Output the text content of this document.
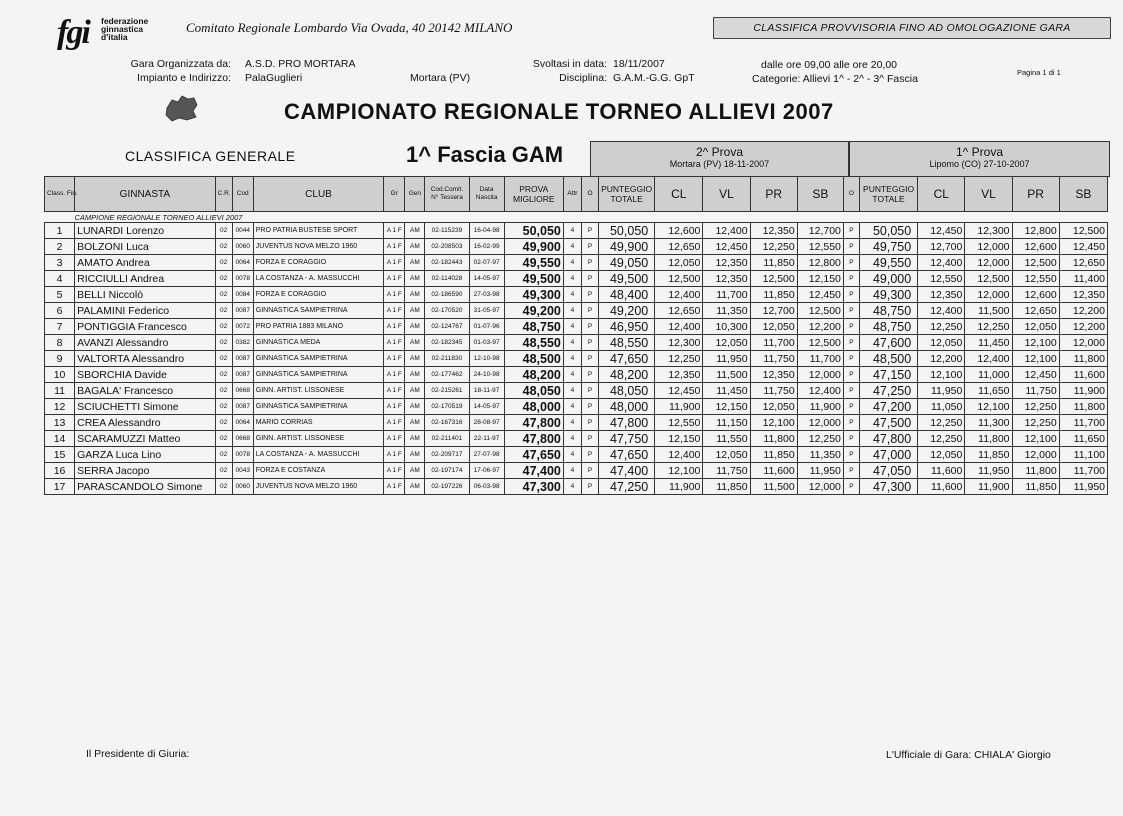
fgi federazione
ginnastica
d'italia
Comitato Regionale Lombardo Via Ovada, 40 20142 MILANO	CLASSIFICA PROVVISORIA FINO AD OMOLOGAZIONE GARA
Gara Organizzata da:
Impianto e Indirizzo:
A.S.D. PRO MORTARA
PalaGuglieri	Mortara (PV)
Svoltasi in data:
Disciplina:
18/11/2007
G.A.M.-G.G. GpT
dalle ore 09,00 alle ore 20,00
Categorie: Allievi 1^ - 2^ - 3^ Fascia
Pagina 1 di 1
CAMPIONATO REGIONALE TORNEO ALLIEVI 2007
CLASSIFICA GENERALE	1^ Fascia GAM	2^ Prova
Mortara (PV) 18-11-2007
1^ Prova
Lipomo (CO) 27-10-2007
Class. Fin.	GINNASTA	C.R.	Cod	CLUB	Gr	Gen	Cod.Comit. N° Tessera	Data Nascita	PROVA MIGLIORE	Attr	O	PUNTEGGIO TOTALE	CL	VL	PR	SB	O	PUNTEGGIO TOTALE	CL	VL	PR	SB
CAMPIONE REGIONALE TORNEO ALLIEVI 2007																						
1	LUNARDI Lorenzo	02	0044	PRO PATRIA BUSTESE SPORT	A 1 F	AM	02-115239	16-04-98	50,050	4	P	50,050	12,600	12,400	12,350	12,700	P	50,050	12,450	12,300	12,800	12,500
2	BOLZONI Luca	02	0060	JUVENTUS NOVA MELZO 1960	A 1 F	AM	02-208503	16-02-99	49,900	4	P	49,900	12,650	12,450	12,250	12,550	P	49,750	12,700	12,000	12,600	12,450
3	AMATO Andrea	02	0064	FORZA E CORAGGIO	A 1 F	AM	02-182443	02-07-97	49,550	4	P	49,050	12,050	12,350	11,850	12,800	P	49,550	12,400	12,000	12,500	12,650
4	RICCIULLI Andrea	02	0078	LA COSTANZA - A. MASSUCCHI	A 1 F	AM	02-114028	14-05-97	49,500	4	P	49,500	12,500	12,350	12,500	12,150	P	49,000	12,550	12,500	12,550	11,400
5	BELLI Niccolò	02	0084	FORZA E CORAGGIO	A 1 F	AM	02-186590	27-03-98	49,300	4	P	48,400	12,400	11,700	11,850	12,450	P	49,300	12,350	12,000	12,600	12,350
6	PALAMINI Federico	02	0087	GINNASTICA SAMPIETRINA	A 1 F	AM	02-170520	31-05-97	49,200	4	P	49,200	12,650	11,350	12,700	12,500	P	48,750	12,400	11,500	12,650	12,200
7	PONTIGGIA Francesco	02	0072	PRO PATRIA 1883 MILANO	A 1 F	AM	02-124767	01-07-96	48,750	4	P	46,950	12,400	10,300	12,050	12,200	P	48,750	12,250	12,250	12,050	12,200
8	AVANZI Alessandro	02	0382	GINNASTICA MEDA	A 1 F	AM	02-182345	01-03-97	48,550	4	P	48,550	12,300	12,050	11,700	12,500	P	47,600	12,050	11,450	12,100	12,000
9	VALTORTA Alessandro	02	0087	GINNASTICA SAMPIETRINA	A 1 F	AM	02-211830	12-10-98	48,500	4	P	47,650	12,250	11,950	11,750	11,700	P	48,500	12,200	12,400	12,100	11,800
10	SBORCHIA Davide	02	0087	GINNASTICA SAMPIETRINA	A 1 F	AM	02-177462	24-10-98	48,200	4	P	48,200	12,350	11,500	12,350	12,000	P	47,150	12,100	11,000	12,450	11,600
11	BAGALA' Francesco	02	0668	GINN. ARTIST. LISSONESE	A 1 F	AM	02-215261	18-11-97	48,050	4	P	48,050	12,450	11,450	11,750	12,400	P	47,250	11,950	11,650	11,750	11,900
12	SCIUCHETTI Simone	02	0087	GINNASTICA SAMPIETRINA	A 1 F	AM	02-170519	14-05-97	48,000	4	P	48,000	11,900	12,150	12,050	11,900	P	47,200	11,050	12,100	12,250	11,800
13	CREA Alessandro	02	0064	MARIO CORRIAS	A 1 F	AM	02-167316	28-08-97	47,800	4	P	47,800	12,550	11,150	12,100	12,000	P	47,500	12,250	11,300	12,250	11,700
14	SCARAMUZZI Matteo	02	0668	GINN. ARTIST. LISSONESE	A 1 F	AM	02-211401	22-11-97	47,800	4	P	47,750	12,150	11,550	11,800	12,250	P	47,800	12,250	11,800	12,100	11,650
15	GARZA Luca Lino	02	0078	LA COSTANZA - A. MASSUCCHI	A 1 F	AM	02-209717	27-07-98	47,650	4	P	47,650	12,400	12,050	11,850	11,350	P	47,000	12,050	11,850	12,000	11,100
16	SERRA Jacopo	02	0043	FORZA E COSTANZA	A 1 F	AM	02-197174	17-06-97	47,400	4	P	47,400	12,100	11,750	11,600	11,950	P	47,050	11,600	11,950	11,800	11,700
17	PARASCANDOLO Simone	02	0060	JUVENTUS NOVA MELZO 1960	A 1 F	AM	02-197226	06-03-98	47,300	4	P	47,250	11,900	11,850	11,500	12,000	P	47,300	11,600	11,900	11,850	11,950
Il Presidente di Giuria:	L'Ufficiale di Gara: CHIALA' Giorgio
